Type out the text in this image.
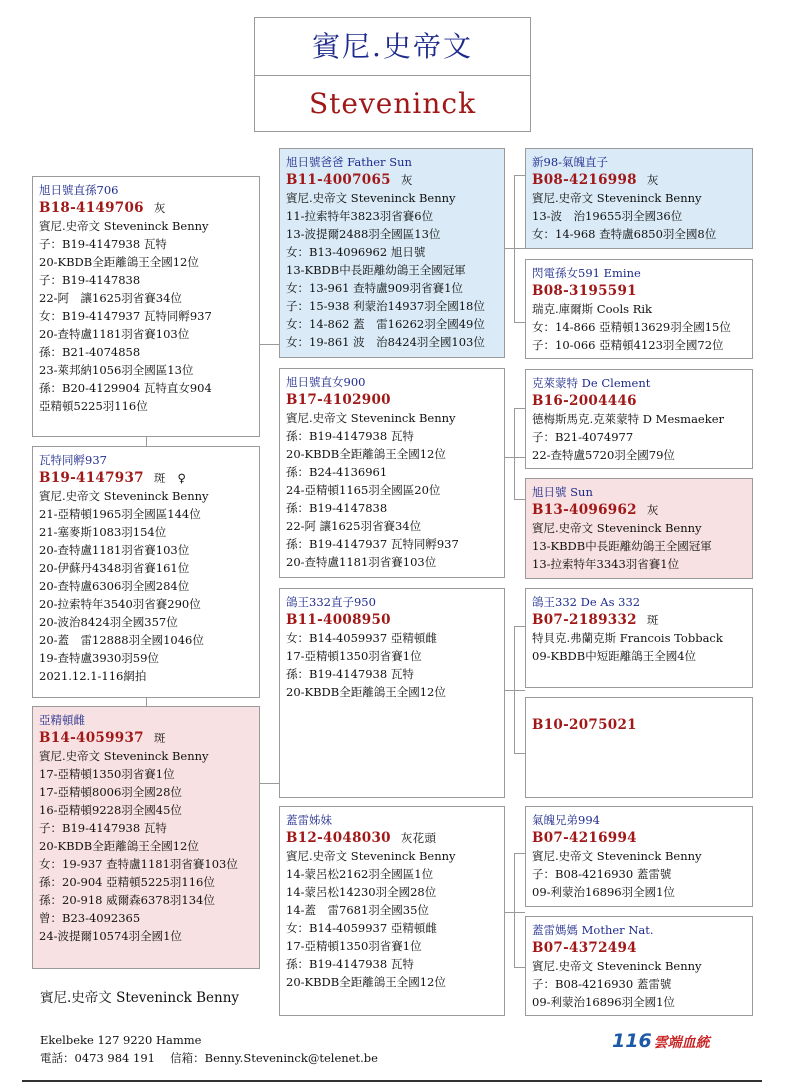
賓尼.史帝文
Steveninck
旭日號直孫706
B18-4149706 灰
賓尼.史帝文 Steveninck Benny
子：B19-4147938 瓦特
20-KBDB全距離鴿王全國12位
子：B19-4147838
22-阿　讓1625羽省賽34位
女：B19-4147937 瓦特同孵937
20-查特盧1181羽省賽103位
孫：B21-4074858
23-萊邦納1056羽全國區13位
孫：B20-4129904 瓦特直女904
亞精頓5225羽116位
瓦特同孵937
B19-4147937 斑　♀
賓尼.史帝文 Steveninck Benny
21-亞精頓1965羽全國區144位
21-塞麥斯1083羽154位
20-查特盧1181羽省賽103位
20-伊蘇丹4348羽省賽161位
20-查特盧6306羽全國284位
20-拉索特年3540羽省賽290位
20-波治8424羽全國357位
20-蓋　雷12888羽全國1046位
19-查特盧3930羽59位
2021.12.1-116網拍
亞精頓雌
B14-4059937 斑
賓尼.史帝文 Steveninck Benny
17-亞精頓1350羽省賽1位
17-亞精頓8006羽全國28位
16-亞精頓9228羽全國45位
子：B19-4147938 瓦特
20-KBDB全距離鴿王全國12位
女：19-937 查特盧1181羽省賽103位
孫：20-904 亞精頓5225羽116位
孫：20-918 威爾森6378羽134位
曾：B23-4092365
24-波提爾10574羽全國1位
旭日號爸爸 Father Sun
B11-4007065 灰
賓尼.史帝文 Steveninck Benny
11-拉索特年3823羽省賽6位
13-波提爾2488羽全國區13位
女：B13-4096962 旭日號
13-KBDB中長距離幼鴿王全國冠軍
女：13-961 查特盧909羽省賽1位
子：15-938 利蒙治14937羽全國18位
女：14-862 蓋　雷16262羽全國49位
女：19-861 波　治8424羽全國103位
旭日號直女900
B17-4102900
賓尼.史帝文 Steveninck Benny
孫：B19-4147938 瓦特
20-KBDB全距離鴿王全國12位
孫：B24-4136961
24-亞精頓1165羽全國區20位
孫：B19-4147838
22-阿 讓1625羽省賽34位
孫：B19-4147937 瓦特同孵937
20-查特盧1181羽省賽103位
鴿王332直子950
B11-4008950
女：B14-4059937 亞精頓雌
17-亞精頓1350羽省賽1位
孫：B19-4147938 瓦特
20-KBDB全距離鴿王全國12位
蓋雷姊妹
B12-4048030 灰花頭
賓尼.史帝文 Steveninck Benny
14-蒙呂松2162羽全國區1位
14-蒙呂松14230羽全國28位
14-蓋　雷7681羽全國35位
女：B14-4059937 亞精頓雌
17-亞精頓1350羽省賽1位
孫：B19-4147938 瓦特
20-KBDB全距離鴿王全國12位
新98-氣魄直子
B08-4216998 灰
賓尼.史帝文 Steveninck Benny
13-波　治19655羽全國36位
女：14-968 查特盧6850羽全國8位
閃電孫女591 Emine
B08-3195591
瑞克.庫爾斯 Cools Rik
女：14-866 亞精頓13629羽全國15位
子：10-066 亞精頓4123羽全國72位
克萊蒙特 De Clement
B16-2004446
德梅斯馬克.克萊蒙特 D Mesmaeker
子：B21-4074977
22-查特盧5720羽全國79位
旭日號 Sun
B13-4096962 灰
賓尼.史帝文 Steveninck Benny
13-KBDB中長距離幼鴿王全國冠軍
13-拉索特年3343羽省賽1位
鴿王332 De As 332
B07-2189332 斑
特貝克.弗蘭克斯 Francois Tobback
09-KBDB中短距離鴿王全國4位
B10-2075021
氣魄兄弟994
B07-4216994
賓尼.史帝文 Steveninck Benny
子：B08-4216930 蓋雷號
09-利蒙治16896羽全國1位
蓋雷媽媽 Mother Nat.
B07-4372494
賓尼.史帝文 Steveninck Benny
子：B08-4216930 蓋雷號
09-利蒙治16896羽全國1位
賓尼.史帝文 Steveninck Benny
Ekelbeke 127 9220 Hamme
電話：0473 984 191　 信箱：Benny.Steveninck@telenet.be
116 雲端血統
